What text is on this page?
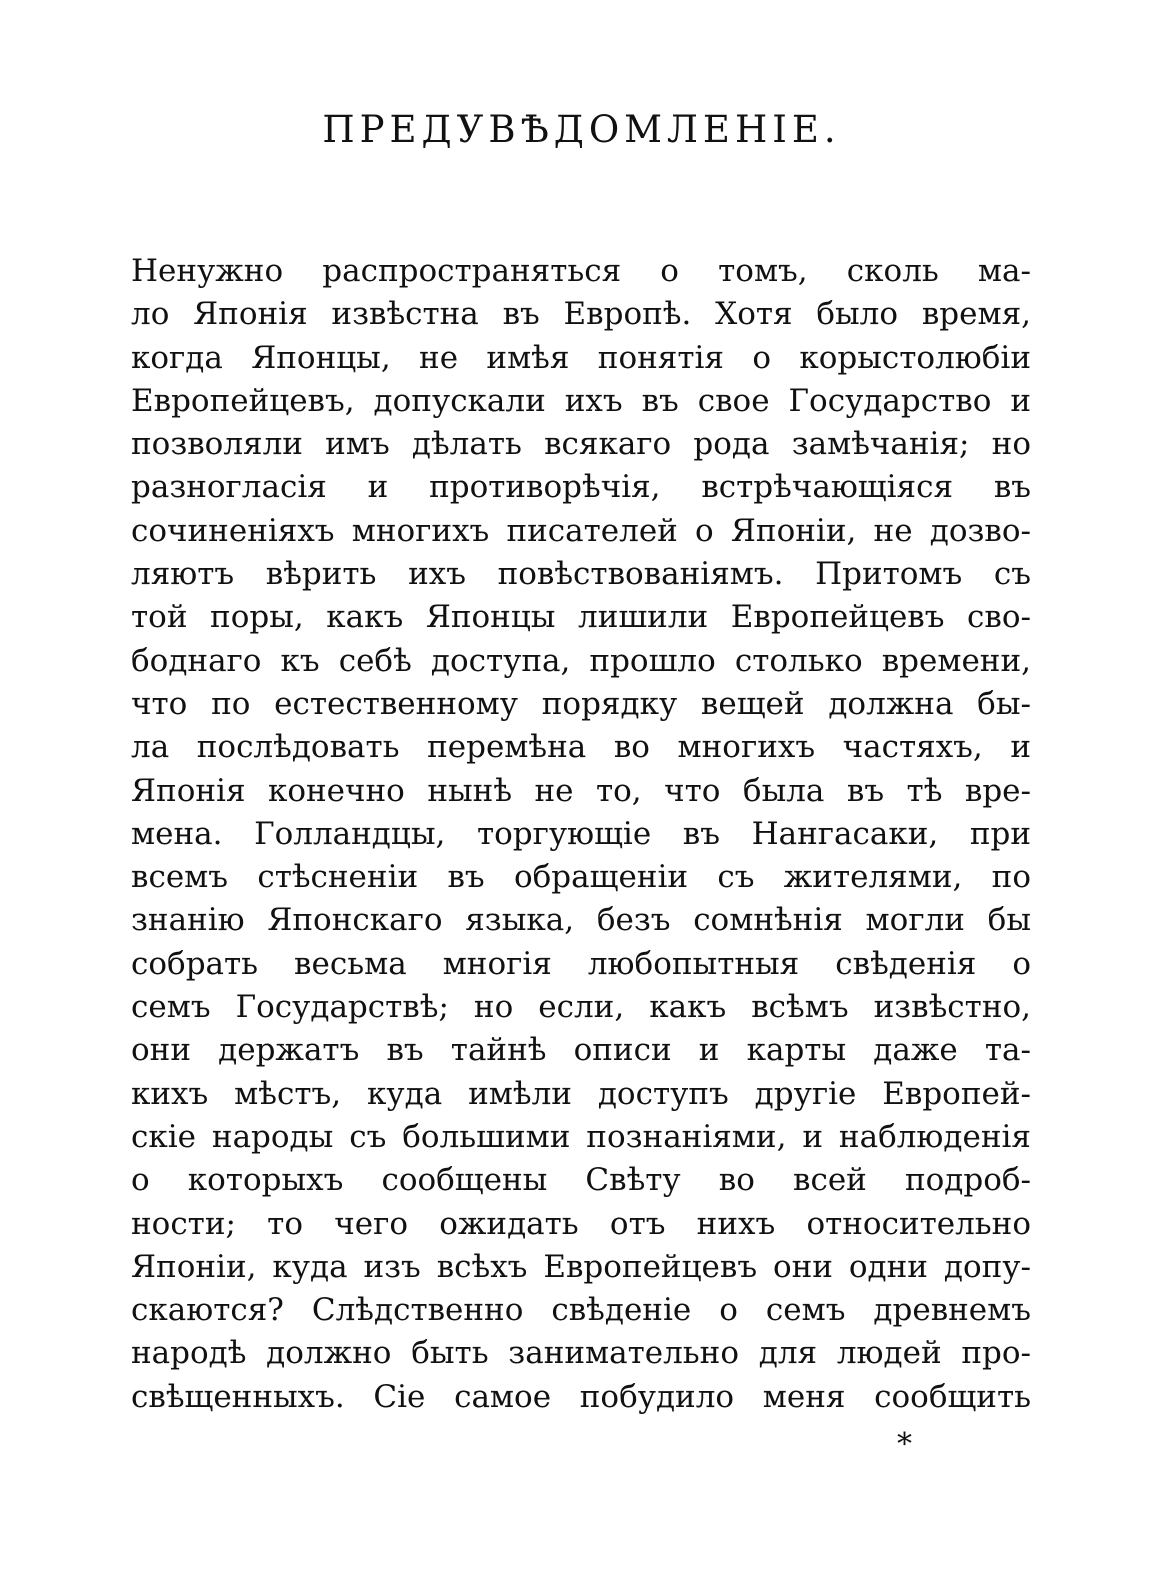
ПРЕДУВѢДОМЛЕНІЕ.
Ненужно распространяться о томъ, сколь ма-
ло Японія извѣстна въ Европѣ. Хотя было время,
когда Японцы, не имѣя понятія о корыстолюбіи
Европейцевъ, допускали ихъ въ свое Государство и
позволяли имъ дѣлать всякаго рода замѣчанія; но
разногласія и противорѣчія, встрѣчающіяся въ
сочиненіяхъ многихъ писателей о Японіи, не дозво-
ляютъ вѣрить ихъ повѣствованіямъ. Притомъ съ
той поры, какъ Японцы лишили Европейцевъ сво-
боднаго къ себѣ доступа, прошло столько времени,
что по естественному порядку вещей должна бы-
ла послѣдовать перемѣна во многихъ частяхъ, и
Японія конечно нынѣ не то, что была въ тѣ вре-
мена. Голландцы, торгующіе въ Нангасаки, при
всемъ стѣсненіи въ обращеніи съ жителями, по
знанію Японскаго языка, безъ сомнѣнія могли бы
собрать весьма многія любопытныя свѣденія о
семъ Государствѣ; но если, какъ всѣмъ извѣстно,
они держатъ въ тайнѣ описи и карты даже та-
кихъ мѣстъ, куда имѣли доступъ другіе Европей-
скіе народы съ большими познаніями, и наблюденія
о которыхъ сообщены Свѣту во всей подроб-
ности; то чего ожидать отъ нихъ относительно
Японіи, куда изъ всѣхъ Европейцевъ они одни допу-
скаются? Слѣдственно свѣденіе о семъ древнемъ
народѣ должно быть занимательно для людей про-
свѣщенныхъ. Сіе самое побудило меня сообщить
*
